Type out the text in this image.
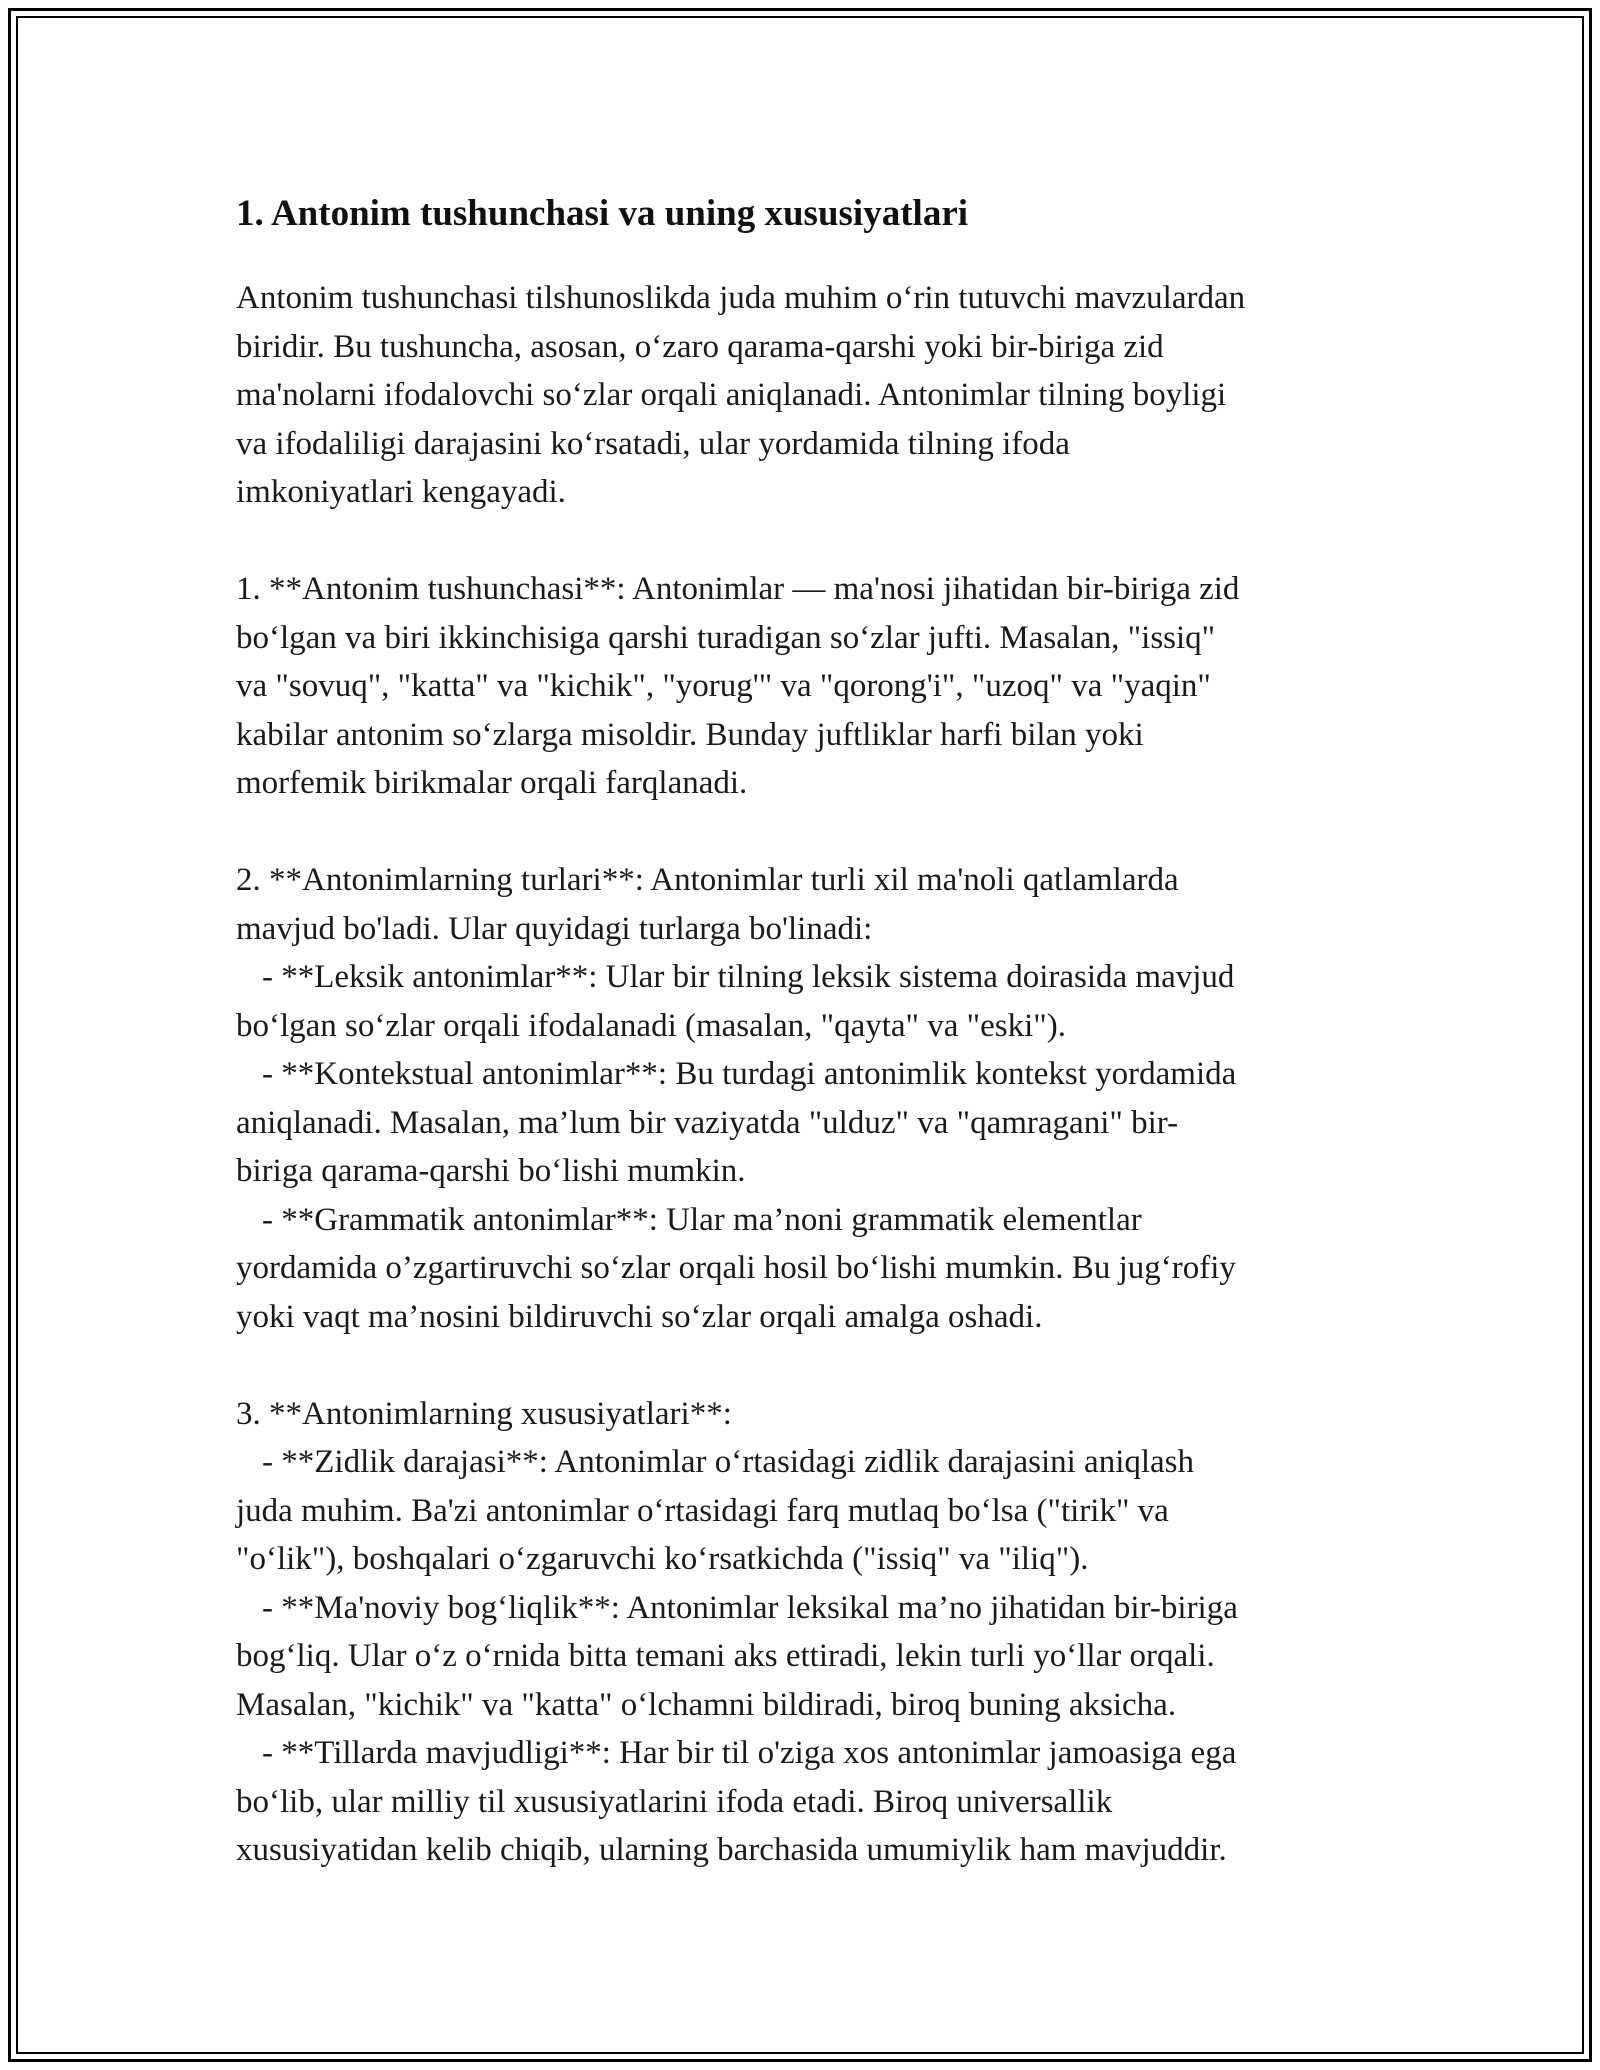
1. Antonim tushunchasi va uning xususiyatlari

Antonim tushunchasi tilshunoslikda juda muhim o‘rin tutuvchi mavzulardan
biridir. Bu tushuncha, asosan, o‘zaro qarama-qarshi yoki bir-biriga zid
ma'nolarni ifodalovchi so‘zlar orqali aniqlanadi. Antonimlar tilning boyligi
va ifodaliligi darajasini ko‘rsatadi, ular yordamida tilning ifoda
imkoniyatlari kengayadi.

1. **Antonim tushunchasi**: Antonimlar — ma'nosi jihatidan bir-biriga zid
bo‘lgan va biri ikkinchisiga qarshi turadigan so‘zlar jufti. Masalan, "issiq"
va "sovuq", "katta" va "kichik", "yorug'" va "qorong'i", "uzoq" va "yaqin"
kabilar antonim so‘zlarga misoldir. Bunday juftliklar harfi bilan yoki
morfemik birikmalar orqali farqlanadi.

2. **Antonimlarning turlari**: Antonimlar turli xil ma'noli qatlamlarda
mavjud bo'ladi. Ular quyidagi turlarga bo'linadi:

- **Leksik antonimlar**: Ular bir tilning leksik sistema doirasida mavjud
bo‘lgan so‘zlar orqali ifodalanadi (masalan, "qayta" va "eski").

- **Kontekstual antonimlar**: Bu turdagi antonimlik kontekst yordamida
aniqlanadi. Masalan, ma’lum bir vaziyatda "ulduz" va "qamragani" bir-
biriga qarama-qarshi bo‘lishi mumkin.

- **Grammatik antonimlar**: Ular ma’noni grammatik elementlar
yordamida o’zgartiruvchi so‘zlar orqali hosil bo‘lishi mumkin. Bu jug‘rofiy
yoki vaqt ma’nosini bildiruvchi so‘zlar orqali amalga oshadi.

3. **Antonimlarning xususiyatlari**:

- **Zidlik darajasi**: Antonimlar o‘rtasidagi zidlik darajasini aniqlash
juda muhim. Ba'zi antonimlar o‘rtasidagi farq mutlaq bo‘lsa ("tirik" va
"o‘lik"), boshqalari o‘zgaruvchi ko‘rsatkichda ("issiq" va "iliq").

- **Ma'noviy bog‘liqlik**: Antonimlar leksikal ma’no jihatidan bir-biriga
bog‘liq. Ular o‘z o‘rnida bitta temani aks ettiradi, lekin turli yo‘llar orqali.
Masalan, "kichik" va "katta" o‘lchamni bildiradi, biroq buning aksicha.

- **Tillarda mavjudligi**: Har bir til o'ziga xos antonimlar jamoasiga ega
bo‘lib, ular milliy til xususiyatlarini ifoda etadi. Biroq universallik
xususiyatidan kelib chiqib, ularning barchasida umumiylik ham mavjuddir.
